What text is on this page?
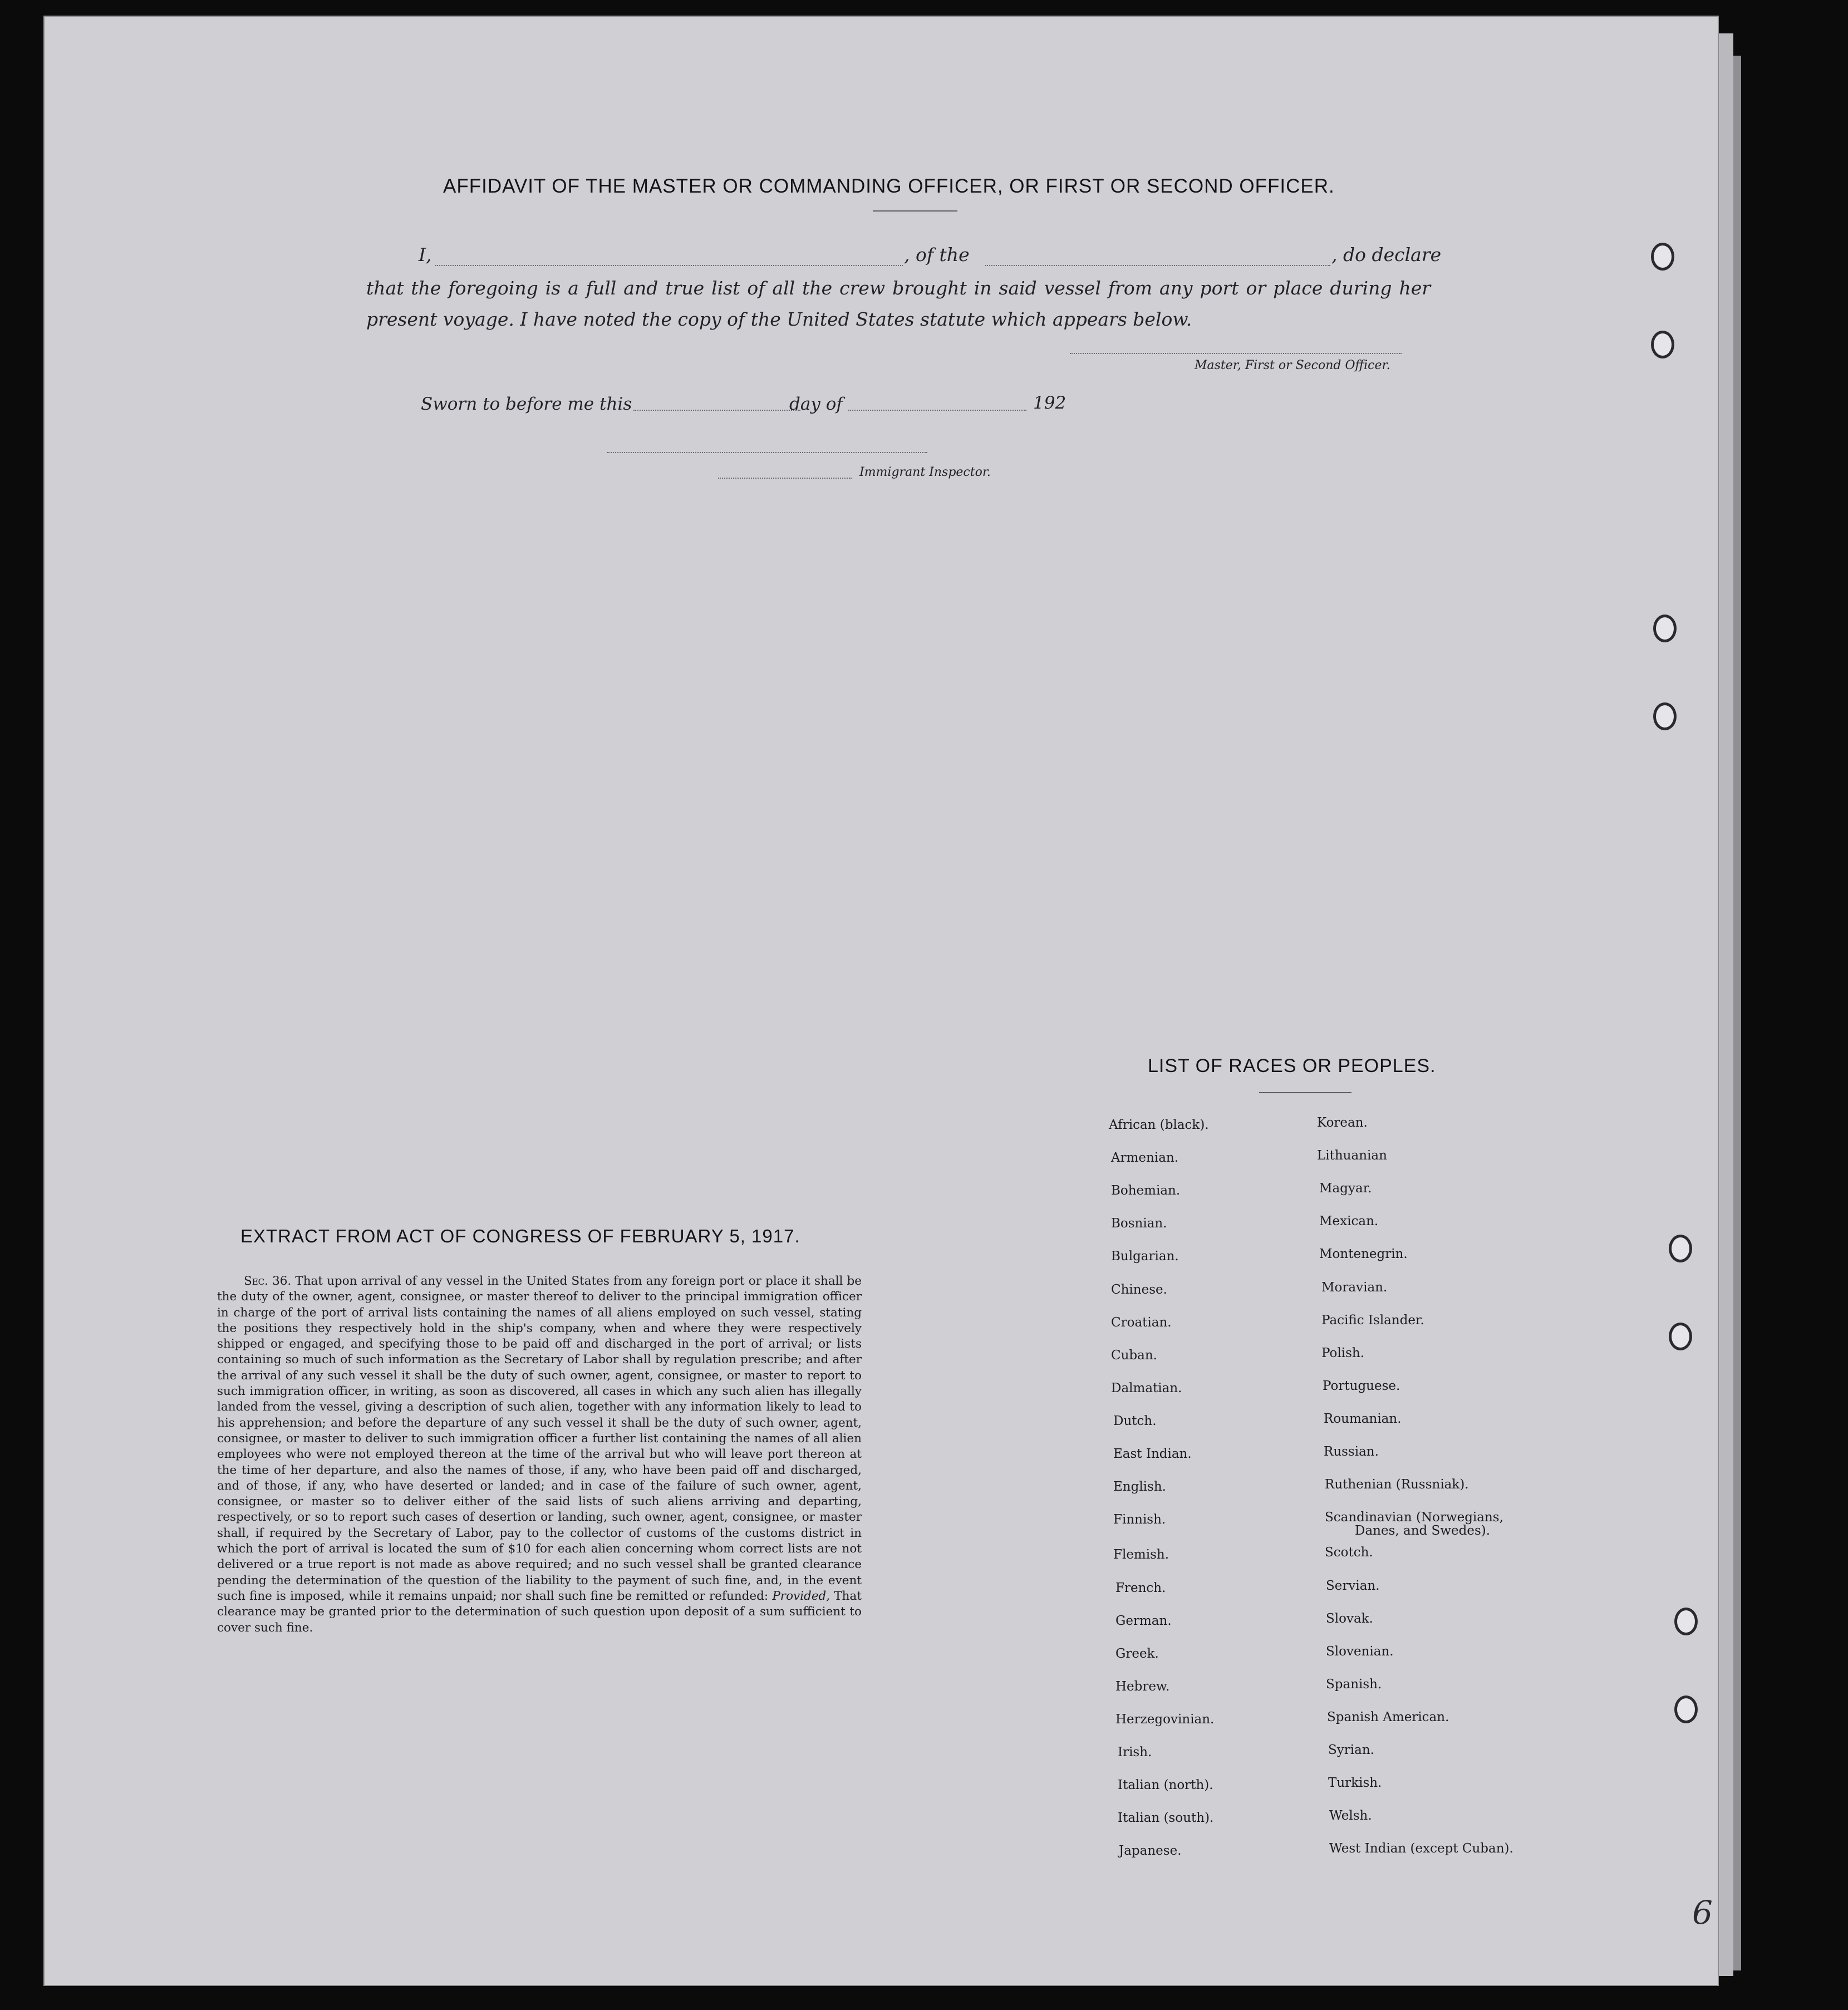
AFFIDAVIT OF THE MASTER OR COMMANDING OFFICER, OR FIRST OR SECOND OFFICER.
I,	, of the	, do declare
that the foregoing is a full and true list of all the crew brought in said vessel from any port or place during her present voyage. I have noted the copy of the United States statute which appears below.
Master, First or Second Officer.
Sworn to before me this	day of	192
Immigrant Inspector.
LIST OF RACES OR PEOPLES.
African (black).
Armenian.
Bohemian.
Bosnian.
Bulgarian.
Chinese.
Croatian.
Cuban.
Dalmatian.
Dutch.
East Indian.
English.
Finnish.
Flemish.
French.
German.
Greek.
Hebrew.
Herzegovinian.
Irish.
Italian (north).
Italian (south).
Japanese.
Korean.
Lithuanian
Magyar.
Mexican.
Montenegrin.
Moravian.
Pacific Islander.
Polish.
Portuguese.
Roumanian.
Russian.
Ruthenian (Russniak).
Scandinavian (Norwegians,
Danes, and Swedes).
Scotch.
Servian.
Slovak.
Slovenian.
Spanish.
Spanish American.
Syrian.
Turkish.
Welsh.
West Indian (except Cuban).
EXTRACT FROM ACT OF CONGRESS OF FEBRUARY 5, 1917.
Sec. 36. That upon arrival of any vessel in the United States from any foreign port or place it shall be the duty of the owner, agent, consignee, or master thereof to deliver to the principal immigration officer in charge of the port of arrival lists containing the names of all aliens employed on such vessel, stating the positions they respectively hold in the ship's company, when and where they were respectively shipped or engaged, and specifying those to be paid off and discharged in the port of arrival; or lists containing so much of such information as the Secretary of Labor shall by regulation prescribe; and after the arrival of any such vessel it shall be the duty of such owner, agent, consignee, or master to report to such immigration officer, in writing, as soon as discovered, all cases in which any such alien has illegally landed from the vessel, giving a description of such alien, together with any information likely to lead to his apprehension; and before the departure of any such vessel it shall be the duty of such owner, agent, consignee, or master to deliver to such immigration officer a further list containing the names of all alien employees who were not employed thereon at the time of the arrival but who will leave port thereon at the time of her departure, and also the names of those, if any, who have been paid off and discharged, and of those, if any, who have deserted or landed; and in case of the failure of such owner, agent, consignee, or master so to deliver either of the said lists of such aliens arriving and departing, respectively, or so to report such cases of desertion or landing, such owner, agent, consignee, or master shall, if required by the Secretary of Labor, pay to the collector of customs of the customs district in which the port of arrival is located the sum of $10 for each alien concerning whom correct lists are not delivered or a true report is not made as above required; and no such vessel shall be granted clearance pending the determination of the question of the liability to the payment of such fine, and, in the event such fine is imposed, while it remains unpaid; nor shall such fine be remitted or refunded: Provided, That clearance may be granted prior to the determination of such question upon deposit of a sum sufficient to cover such fine.
6
